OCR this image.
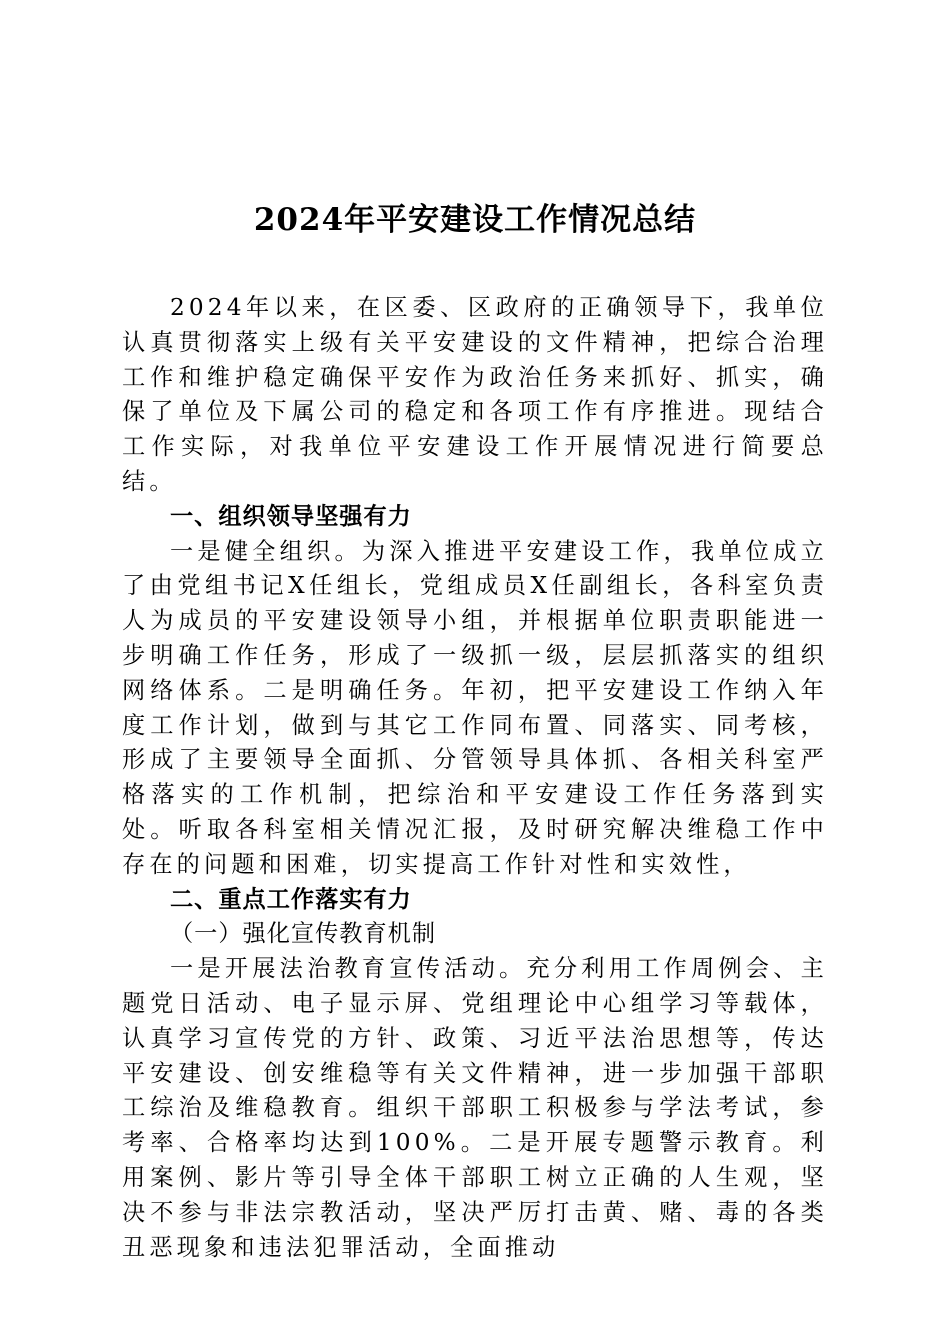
2024年平安建设工作情况总结

2024年以来，在区委、区政府的正确领导下，我单位认真贯彻落实上级有关平安建设的文件精神，把综合治理工作和维护稳定确保平安作为政治任务来抓好、抓实，确保了单位及下属公司的稳定和各项工作有序推进。现结合工作实际，对我单位平安建设工作开展情况进行简要总结。

一、组织领导坚强有力

一是健全组织。为深入推进平安建设工作，我单位成立了由党组书记X任组长，党组成员X任副组长，各科室负责人为成员的平安建设领导小组，并根据单位职责职能进一步明确工作任务，形成了一级抓一级，层层抓落实的组织网络体系。二是明确任务。年初，把平安建设工作纳入年度工作计划，做到与其它工作同布置、同落实、同考核，形成了主要领导全面抓、分管领导具体抓、各相关科室严格落实的工作机制，把综治和平安建设工作任务落到实处。听取各科室相关情况汇报，及时研究解决维稳工作中存在的问题和困难，切实提高工作针对性和实效性，

二、重点工作落实有力

（一）强化宣传教育机制

一是开展法治教育宣传活动。充分利用工作周例会、主题党日活动、电子显示屏、党组理论中心组学习等载体，认真学习宣传党的方针、政策、习近平法治思想等，传达平安建设、创安维稳等有关文件精神，进一步加强干部职工综治及维稳教育。组织干部职工积极参与学法考试，参考率、合格率均达到100%。二是开展专题警示教育。利用案例、影片等引导全体干部职工树立正确的人生观，坚决不参与非法宗教活动，坚决严厉打击黄、赌、毒的各类丑恶现象和违法犯罪活动，全面推动
